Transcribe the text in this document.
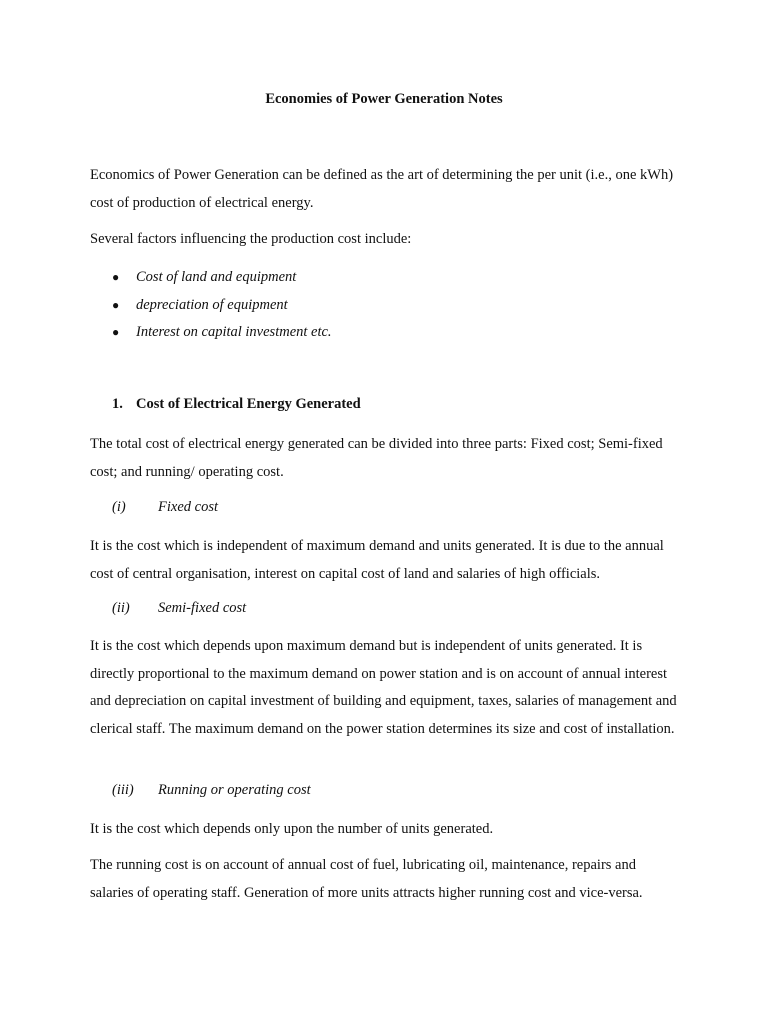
Economies of Power Generation Notes
Economics of Power Generation can be defined as the art of determining the per unit (i.e., one kWh) cost of production of electrical energy.
Several factors influencing the production cost include:
● Cost of land and equipment
● depreciation of equipment
● Interest on capital investment etc.
1. Cost of Electrical Energy Generated
The total cost of electrical energy generated can be divided into three parts: Fixed cost; Semi-fixed cost; and running/ operating cost.
(i) Fixed cost
It is the cost which is independent of maximum demand and units generated. It is due to the annual cost of central organisation, interest on capital cost of land and salaries of high officials.
(ii) Semi-fixed cost
It is the cost which depends upon maximum demand but is independent of units generated. It is directly proportional to the maximum demand on power station and is on account of annual interest and depreciation on capital investment of building and equipment, taxes, salaries of management and clerical staff. The maximum demand on the power station determines its size and cost of installation.
(iii) Running or operating cost
It is the cost which depends only upon the number of units generated.
The running cost is on account of annual cost of fuel, lubricating oil, maintenance, repairs and salaries of operating staff. Generation of more units attracts higher running cost and vice-versa.
